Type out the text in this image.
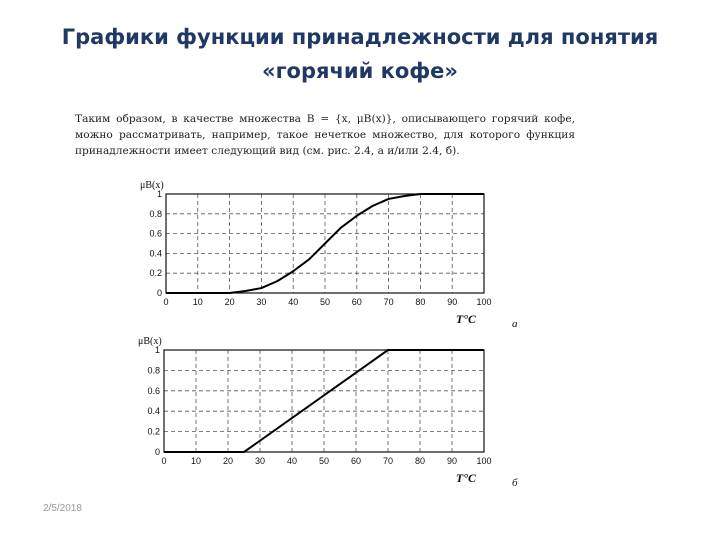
Графики функции принадлежности для понятия
«горячий кофе»
Таким образом, в качестве множества B = {x, μB(x)}, описывающего горячий кофе, можно рассматривать, например, такое нечеткое множество, для которого функция принадлежности имеет следующий вид (см. рис. 2.4, а и/или 2.4, б).
0	10 20 30 40 50 60 70 80 90 100
0
0.2
0.4
0.6
0.8
1
μB(x)
T°C	а
0	10 20 30 40 50 60 70 80 90 100
0
0.2
0.4
0.6
0.8
1
μB(x)
T°C	б
2/5/2018
